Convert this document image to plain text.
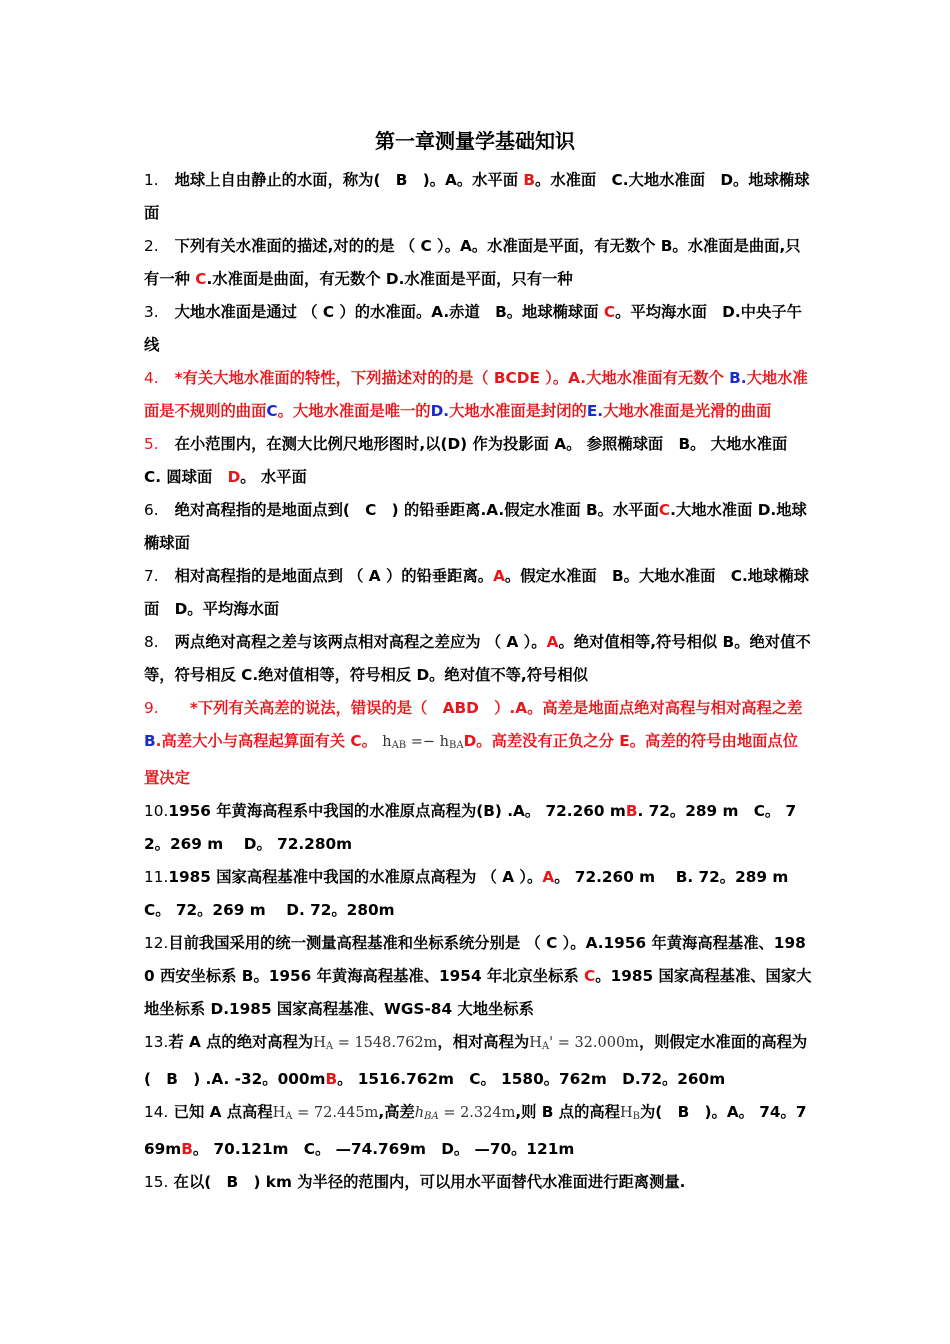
第一章测量学基础知识

1. 地球上自由静止的水面，称为(　B　)。A。水平面 B。水准面　C.大地水准面　D。地球椭球面

2. 下列有关水准面的描述,对的的是 （ C ）。A。水准面是平面，有无数个 B。水准面是曲面,只有一种 C.水准面是曲面，有无数个 D.水准面是平面，只有一种

3. 大地水准面是通过 （ C ）的水准面。A.赤道　B。地球椭球面 C。平均海水面　D.中央子午线

4. *有关大地水准面的特性，下列描述对的的是（ BCDE ）。A.大地水准面有无数个 B.大地水准面是不规则的曲面C。大地水准面是唯一的D.大地水准面是封闭的E.大地水准面是光滑的曲面

5. 在小范围内，在测大比例尺地形图时,以(D) 作为投影面 A。 参照椭球面　B。 大地水准面　C. 圆球面　D。 水平面

6. 绝对高程指的是地面点到(　C　) 的铅垂距离.A.假定水准面 B。水平面C.大地水准面 D.地球椭球面

7. 相对高程指的是地面点到 （ A ）的铅垂距离。A。假定水准面　B。大地水准面　C.地球椭球面　D。平均海水面

8. 两点绝对高程之差与该两点相对高程之差应为 （ A ）。A。绝对值相等,符号相似 B。绝对值不等，符号相反 C.绝对值相等，符号相反 D。绝对值不等,符号相似

9.   　*下列有关高差的说法，错误的是（　ABD　）.A。高差是地面点绝对高程与相对高程之差 B.高差大小与高程起算面有关 C。 $h_{AB} =- h_{BA}D$。高差没有正负之分 E。高差的符号由地面点位置决定

10.1956 年黄海高程系中我国的水准原点高程为(B) .A。 72.260 mB. 72。289 m　C。 72。269 m　 D。 72.280m

11.1985 国家高程基准中我国的水准原点高程为 （ A ）。A。 72.260 m　 B. 72。289 m　C。 72。269 m　 D. 72。280m

12.目前我国采用的统一测量高程基准和坐标系统分别是 （ C ）。A.1956 年黄海高程基准、1980 西安坐标系 B。1956 年黄海高程基准、1954 年北京坐标系 C。1985 国家高程基准、国家大地坐标系 D.1985 国家高程基准、WGS-84 大地坐标系

13.若 A 点的绝对高程为$H_A = 1548.762m$，相对高程为$H_A' = 32.000m$，则假定水准面的高程为(　B　) .A. -32。000mB。 1516.762m　C。 1580。762m　D.72。260m

14. 已知 A 点高程$H_A = 72.445m$,高差$h_{BA} = 2.324m$,则 B 点的高程$H_B$为(　B　)。A。 74。769mB。 70.121m　C。 —74.769m　D。 —70。121m

15. 在以(　B　) km 为半径的范围内，可以用水平面替代水准面进行距离测量.
